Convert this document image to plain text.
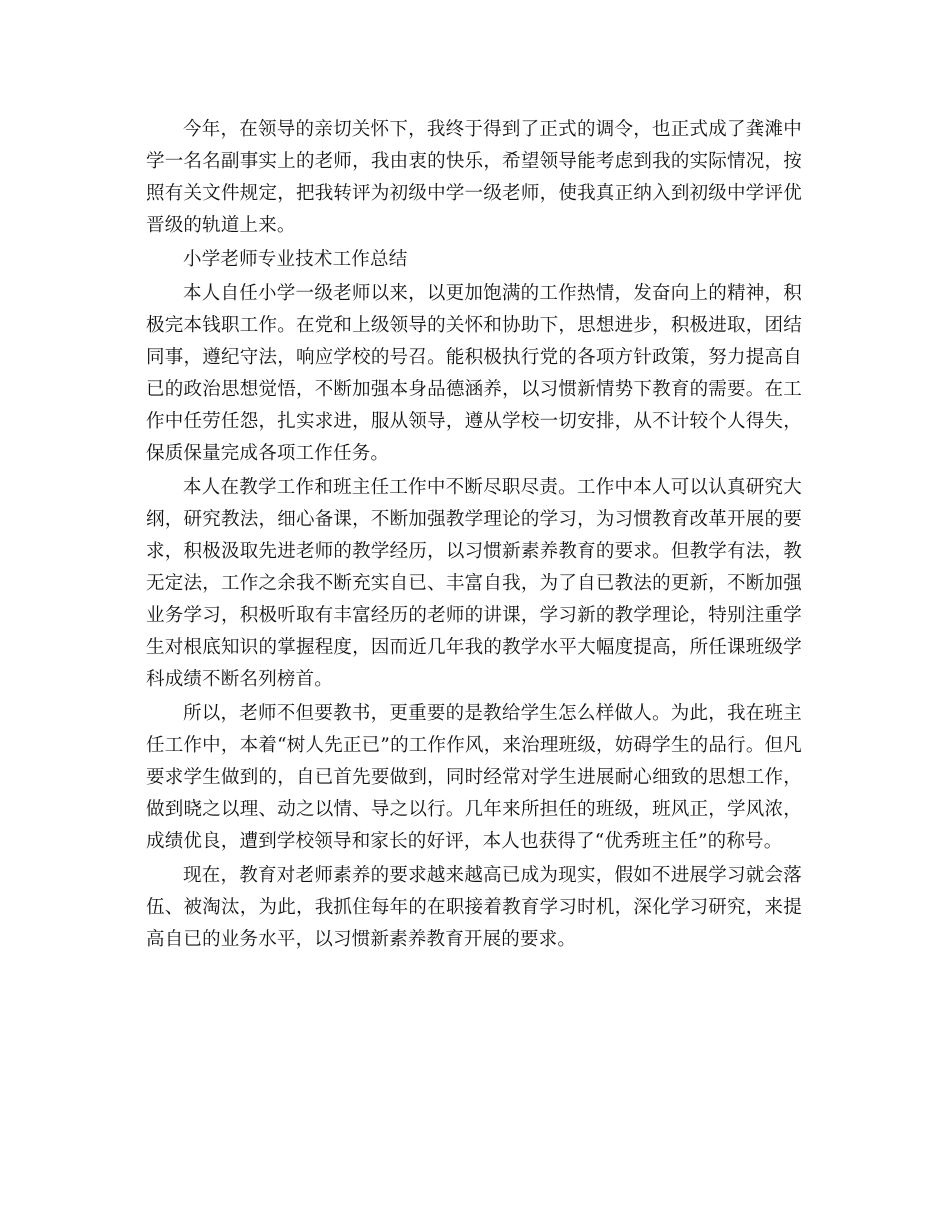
今年，在领导的亲切关怀下，我终于得到了正式的调令，也正式成了龚滩中学一名名副事实上的老师，我由衷的快乐，希望领导能考虑到我的实际情况，按照有关文件规定，把我转评为初级中学一级老师，使我真正纳入到初级中学评优晋级的轨道上来。

小学老师专业技术工作总结

本人自任小学一级老师以来，以更加饱满的工作热情，发奋向上的精神，积极完本钱职工作。在党和上级领导的关怀和协助下，思想进步，积极进取，团结同事，遵纪守法，响应学校的号召。能积极执行党的各项方针政策，努力提高自已的政治思想觉悟，不断加强本身品德涵养，以习惯新情势下教育的需要。在工作中任劳任怨，扎实求进，服从领导，遵从学校一切安排，从不计较个人得失，保质保量完成各项工作任务。

本人在教学工作和班主任工作中不断尽职尽责。工作中本人可以认真研究大纲，研究教法，细心备课，不断加强教学理论的学习，为习惯教育改革开展的要求，积极汲取先进老师的教学经历，以习惯新素养教育的要求。但教学有法，教无定法，工作之余我不断充实自已、丰富自我，为了自已教法的更新，不断加强业务学习，积极听取有丰富经历的老师的讲课，学习新的教学理论，特别注重学生对根底知识的掌握程度，因而近几年我的教学水平大幅度提高，所任课班级学科成绩不断名列榜首。

所以，老师不但要教书，更重要的是教给学生怎么样做人。为此，我在班主任工作中，本着“树人先正已”的工作作风，来治理班级，妨碍学生的品行。但凡要求学生做到的，自已首先要做到，同时经常对学生进展耐心细致的思想工作，做到晓之以理、动之以情、导之以行。几年来所担任的班级，班风正，学风浓，成绩优良，遭到学校领导和家长的好评，本人也获得了“优秀班主任”的称号。

现在，教育对老师素养的要求越来越高已成为现实，假如不进展学习就会落伍、被淘汰，为此，我抓住每年的在职接着教育学习时机，深化学习研究，来提高自已的业务水平，以习惯新素养教育开展的要求。
